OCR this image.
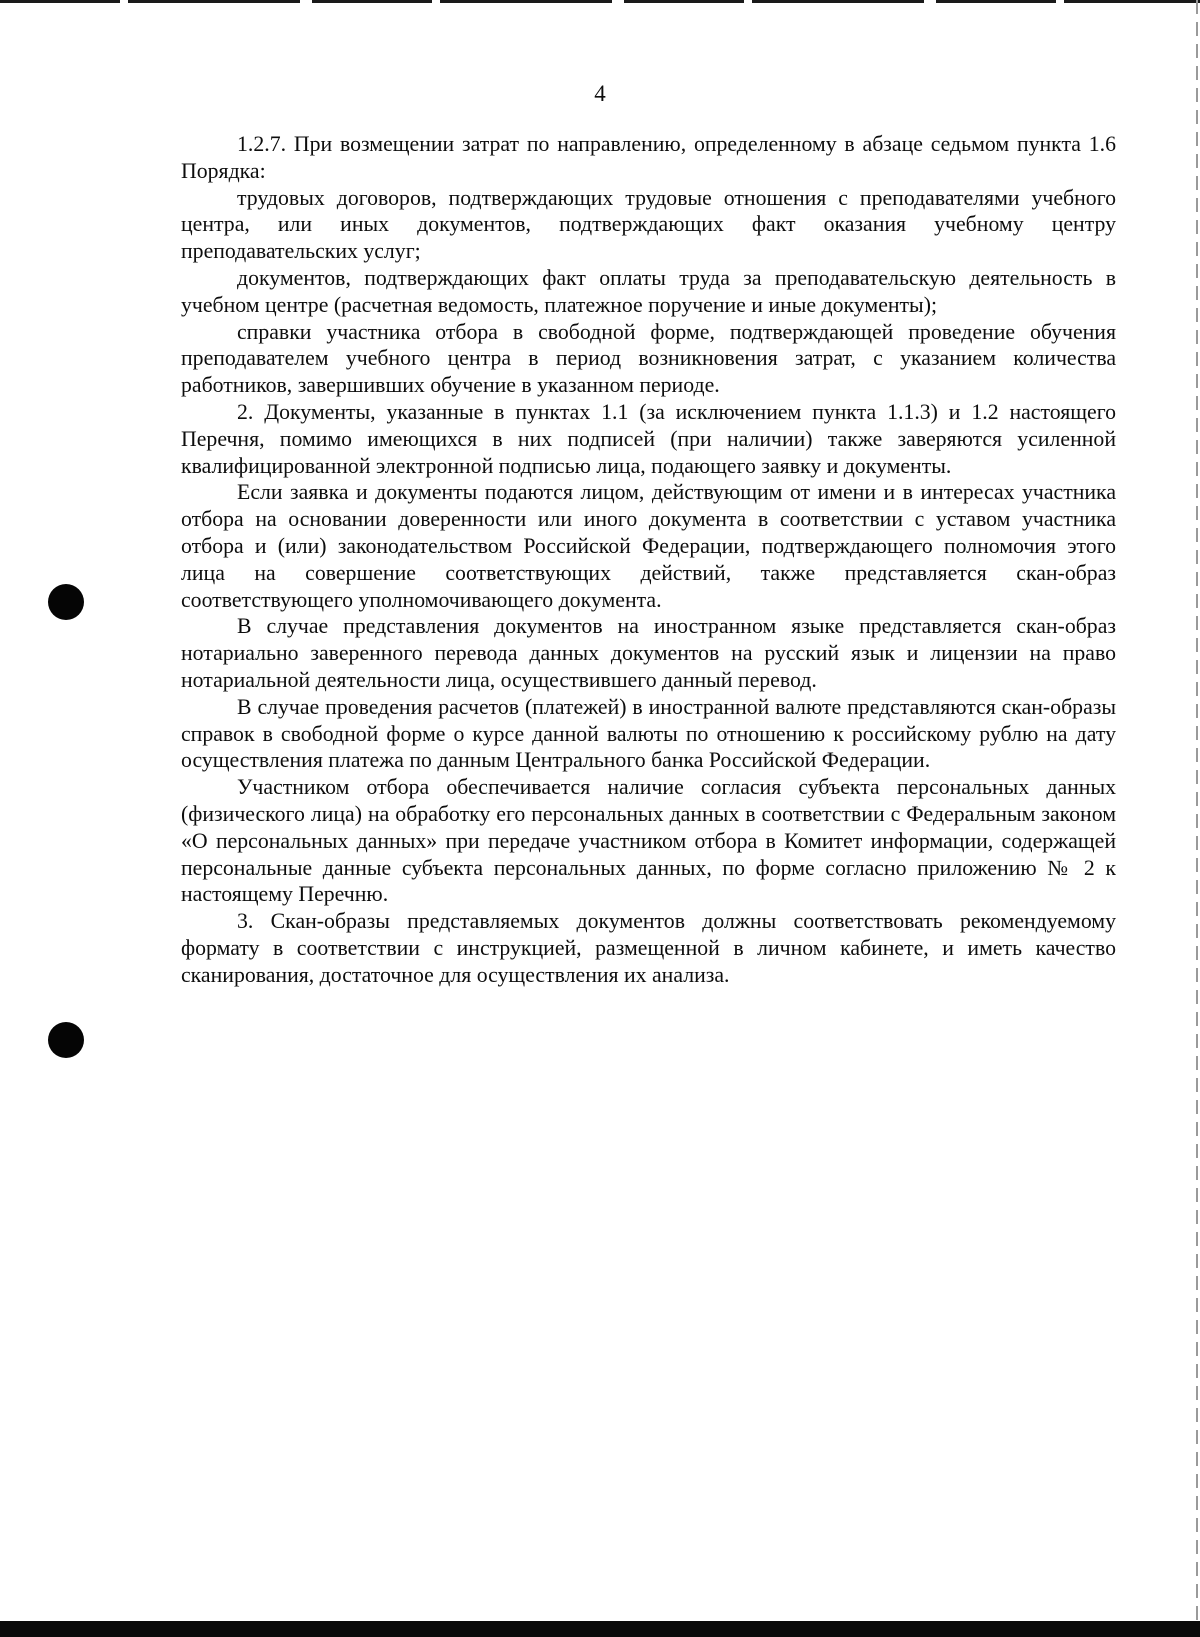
4

1.2.7. При возмещении затрат по направлению, определенному в абзаце седьмом пункта 1.6 Порядка:

трудовых договоров, подтверждающих трудовые отношения с преподавателями учебного центра, или иных документов, подтверждающих факт оказания учебному центру преподавательских услуг;

документов, подтверждающих факт оплаты труда за преподавательскую деятельность в учебном центре (расчетная ведомость, платежное поручение и иные документы);

справки участника отбора в свободной форме, подтверждающей проведение обучения преподавателем учебного центра в период возникновения затрат, с указанием количества работников, завершивших обучение в указанном периоде.

2. Документы, указанные в пунктах 1.1 (за исключением пункта 1.1.3) и 1.2 настоящего Перечня, помимо имеющихся в них подписей (при наличии) также заверяются усиленной квалифицированной электронной подписью лица, подающего заявку и документы.

Если заявка и документы подаются лицом, действующим от имени и в интересах участника отбора на основании доверенности или иного документа в соответствии с уставом участника отбора и (или) законодательством Российской Федерации, подтверждающего полномочия этого лица на совершение соответствующих действий, также представляется скан-образ соответствующего уполномочивающего документа.

В случае представления документов на иностранном языке представляется скан-образ нотариально заверенного перевода данных документов на русский язык и лицензии на право нотариальной деятельности лица, осуществившего данный перевод.

В случае проведения расчетов (платежей) в иностранной валюте представляются скан-образы справок в свободной форме о курсе данной валюты по отношению к российскому рублю на дату осуществления платежа по данным Центрального банка Российской Федерации.

Участником отбора обеспечивается наличие согласия субъекта персональных данных (физического лица) на обработку его персональных данных в соответствии с Федеральным законом «О персональных данных» при передаче участником отбора в Комитет информации, содержащей персональные данные субъекта персональных данных, по форме согласно приложению № 2 к настоящему Перечню.

3. Скан-образы представляемых документов должны соответствовать рекомендуемому формату в соответствии с инструкцией, размещенной в личном кабинете, и иметь качество сканирования, достаточное для осуществления их анализа.
